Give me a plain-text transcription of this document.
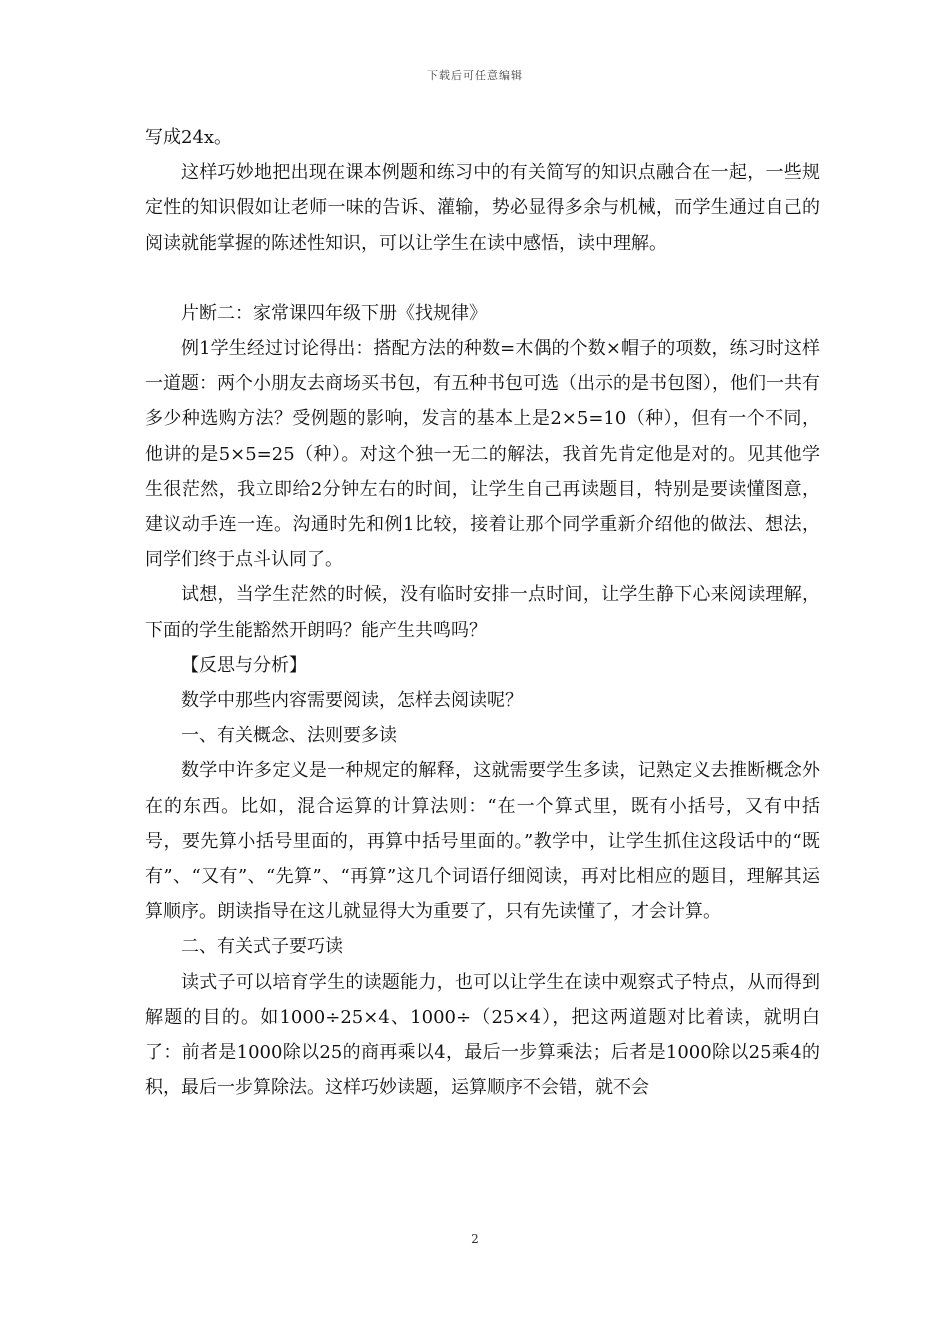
下载后可任意编辑

写成24x。

这样巧妙地把出现在课本例题和练习中的有关简写的知识点融合在一起，一些规定性的知识假如让老师一味的告诉、灌输，势必显得多余与机械，而学生通过自己的阅读就能掌握的陈述性知识，可以让学生在读中感悟，读中理解。

片断二：家常课四年级下册《找规律》

例1学生经过讨论得出：搭配方法的种数=木偶的个数×帽子的项数，练习时这样一道题：两个小朋友去商场买书包，有五种书包可选（出示的是书包图），他们一共有多少种选购方法？受例题的影响，发言的基本上是2×5=10（种），但有一个不同，他讲的是5×5=25（种）。对这个独一无二的解法，我首先肯定他是对的。见其他学生很茫然，我立即给2分钟左右的时间，让学生自己再读题目，特别是要读懂图意，建议动手连一连。沟通时先和例1比较，接着让那个同学重新介绍他的做法、想法，同学们终于点斗认同了。

试想，当学生茫然的时候，没有临时安排一点时间，让学生静下心来阅读理解，下面的学生能豁然开朗吗？能产生共鸣吗？

【反思与分析】

数学中那些内容需要阅读，怎样去阅读呢？

一、有关概念、法则要多读

数学中许多定义是一种规定的解释，这就需要学生多读，记熟定义去推断概念外在的东西。比如，混合运算的计算法则：“在一个算式里，既有小括号，又有中括号，要先算小括号里面的，再算中括号里面的。”教学中，让学生抓住这段话中的“既有”、“又有”、“先算”、“再算”这几个词语仔细阅读，再对比相应的题目，理解其运算顺序。朗读指导在这儿就显得大为重要了，只有先读懂了，才会计算。

二、有关式子要巧读

读式子可以培育学生的读题能力，也可以让学生在读中观察式子特点，从而得到解题的目的。如1000÷25×4、1000÷（25×4），把这两道题对比着读，就明白了：前者是1000除以25的商再乘以4，最后一步算乘法；后者是1000除以25乘4的积，最后一步算除法。这样巧妙读题，运算顺序不会错，就不会

2
